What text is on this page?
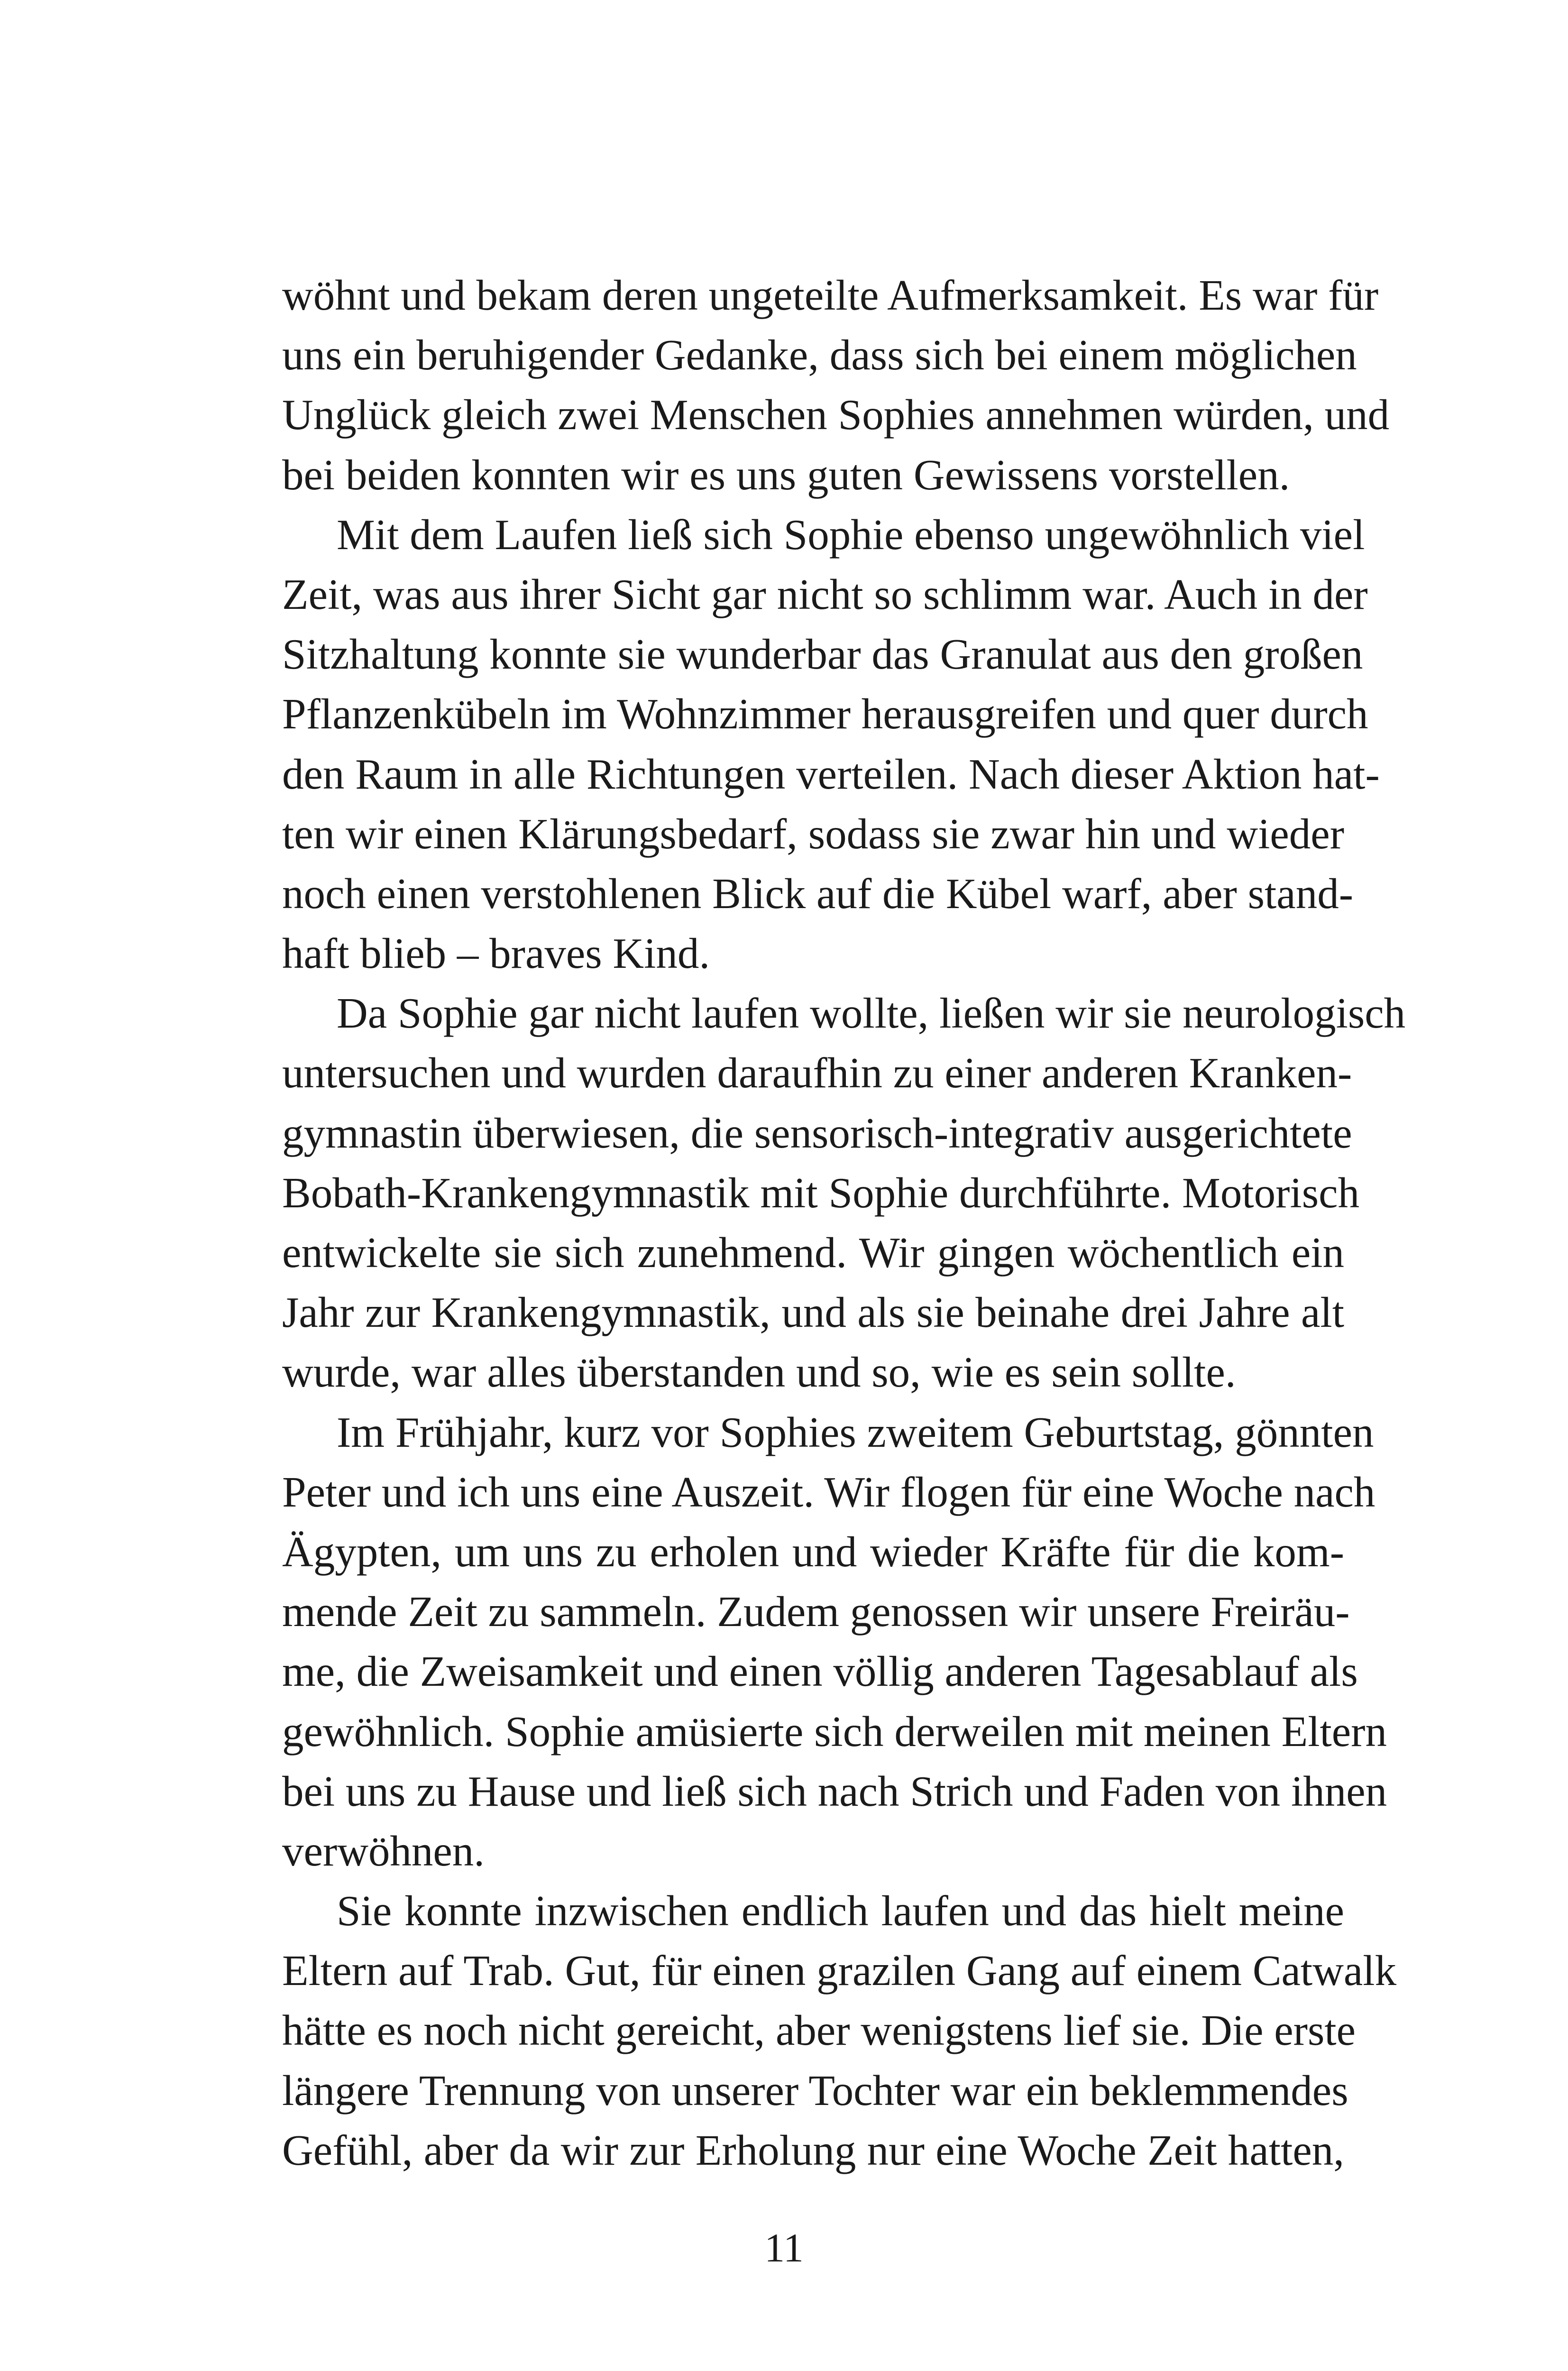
wöhnt und bekam deren ungeteilte Aufmerksamkeit. Es war für
uns ein beruhigender Gedanke, dass sich bei einem möglichen
Unglück gleich zwei Menschen Sophies annehmen würden, und
bei beiden konnten wir es uns guten Gewissens vorstellen.
Mit dem Laufen ließ sich Sophie ebenso ungewöhnlich viel
Zeit, was aus ihrer Sicht gar nicht so schlimm war. Auch in der
Sitzhaltung konnte sie wunderbar das Granulat aus den großen
Pflanzenkübeln im Wohnzimmer herausgreifen und quer durch
den Raum in alle Richtungen verteilen. Nach dieser Aktion hat-
ten wir einen Klärungsbedarf, sodass sie zwar hin und wieder
noch einen verstohlenen Blick auf die Kübel warf, aber stand-
haft blieb – braves Kind.
Da Sophie gar nicht laufen wollte, ließen wir sie neurologisch
untersuchen und wurden daraufhin zu einer anderen Kranken-
gymnastin überwiesen, die sensorisch-integrativ ausgerichtete
Bobath-Krankengymnastik mit Sophie durchführte. Motorisch
entwickelte sie sich zunehmend. Wir gingen wöchentlich ein
Jahr zur Krankengymnastik, und als sie beinahe drei Jahre alt
wurde, war alles überstanden und so, wie es sein sollte.
Im Frühjahr, kurz vor Sophies zweitem Geburtstag, gönnten
Peter und ich uns eine Auszeit. Wir flogen für eine Woche nach
Ägypten, um uns zu erholen und wieder Kräfte für die kom-
mende Zeit zu sammeln. Zudem genossen wir unsere Freiräu-
me, die Zweisamkeit und einen völlig anderen Tagesablauf als
gewöhnlich. Sophie amüsierte sich derweilen mit meinen Eltern
bei uns zu Hause und ließ sich nach Strich und Faden von ihnen
verwöhnen.
Sie konnte inzwischen endlich laufen und das hielt meine
Eltern auf Trab. Gut, für einen grazilen Gang auf einem Catwalk
hätte es noch nicht gereicht, aber wenigstens lief sie. Die erste
längere Trennung von unserer Tochter war ein beklemmendes
Gefühl, aber da wir zur Erholung nur eine Woche Zeit hatten,
11
